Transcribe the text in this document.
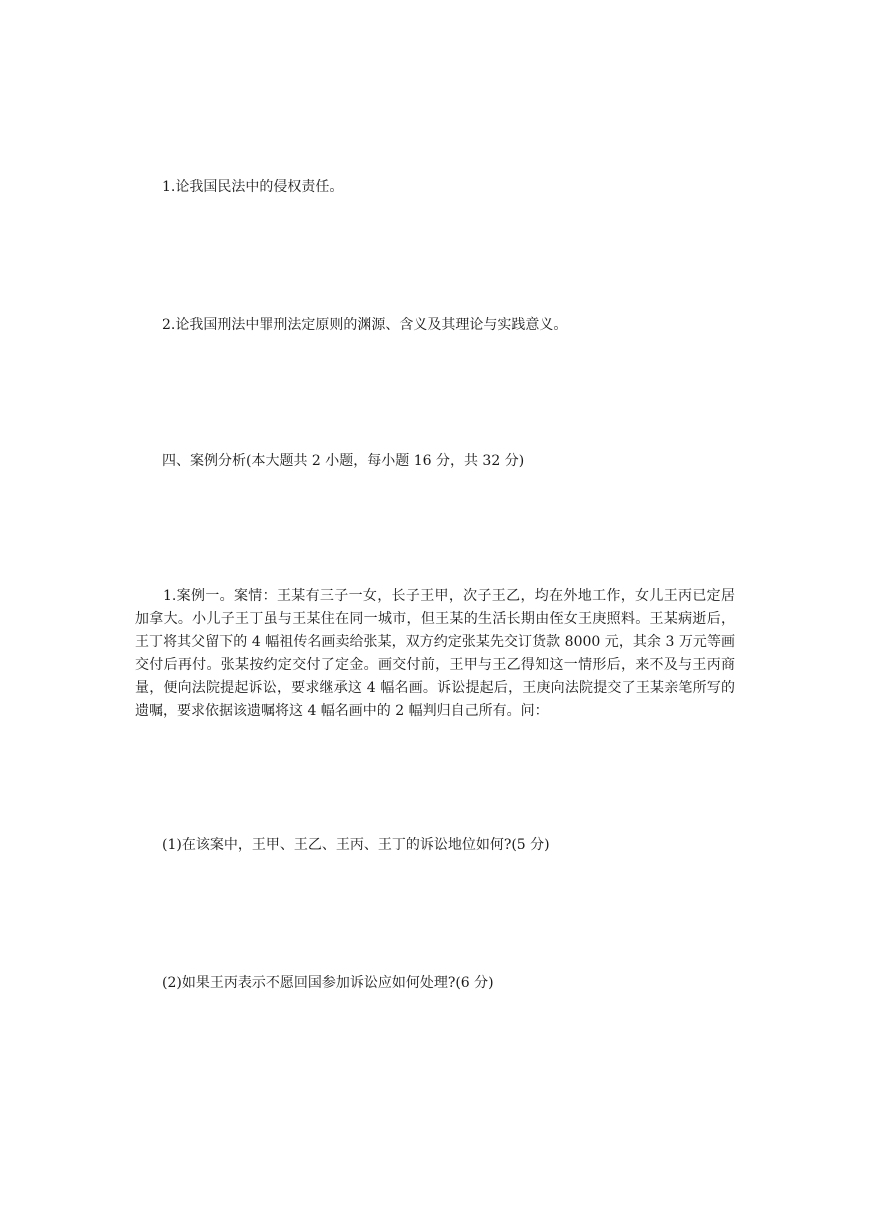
1.论我国民法中的侵权责任。
2.论我国刑法中罪刑法定原则的渊源、含义及其理论与实践意义。
四、案例分析(本大题共 2 小题，每小题 16 分，共 32 分)
1.案例一。案情：王某有三子一女，长子王甲，次子王乙，均在外地工作，女儿王丙已定居加拿大。小儿子王丁虽与王某住在同一城市，但王某的生活长期由侄女王庚照料。王某病逝后，王丁将其父留下的 4 幅祖传名画卖给张某，双方约定张某先交订货款 8000 元，其余 3 万元等画交付后再付。张某按约定交付了定金。画交付前，王甲与王乙得知这一情形后，来不及与王丙商量，便向法院提起诉讼，要求继承这 4 幅名画。诉讼提起后，王庚向法院提交了王某亲笔所写的遗嘱，要求依据该遗嘱将这 4 幅名画中的 2 幅判归自己所有。问：
(1)在该案中，王甲、王乙、王丙、王丁的诉讼地位如何?(5 分)
(2)如果王丙表示不愿回国参加诉讼应如何处理?(6 分)
